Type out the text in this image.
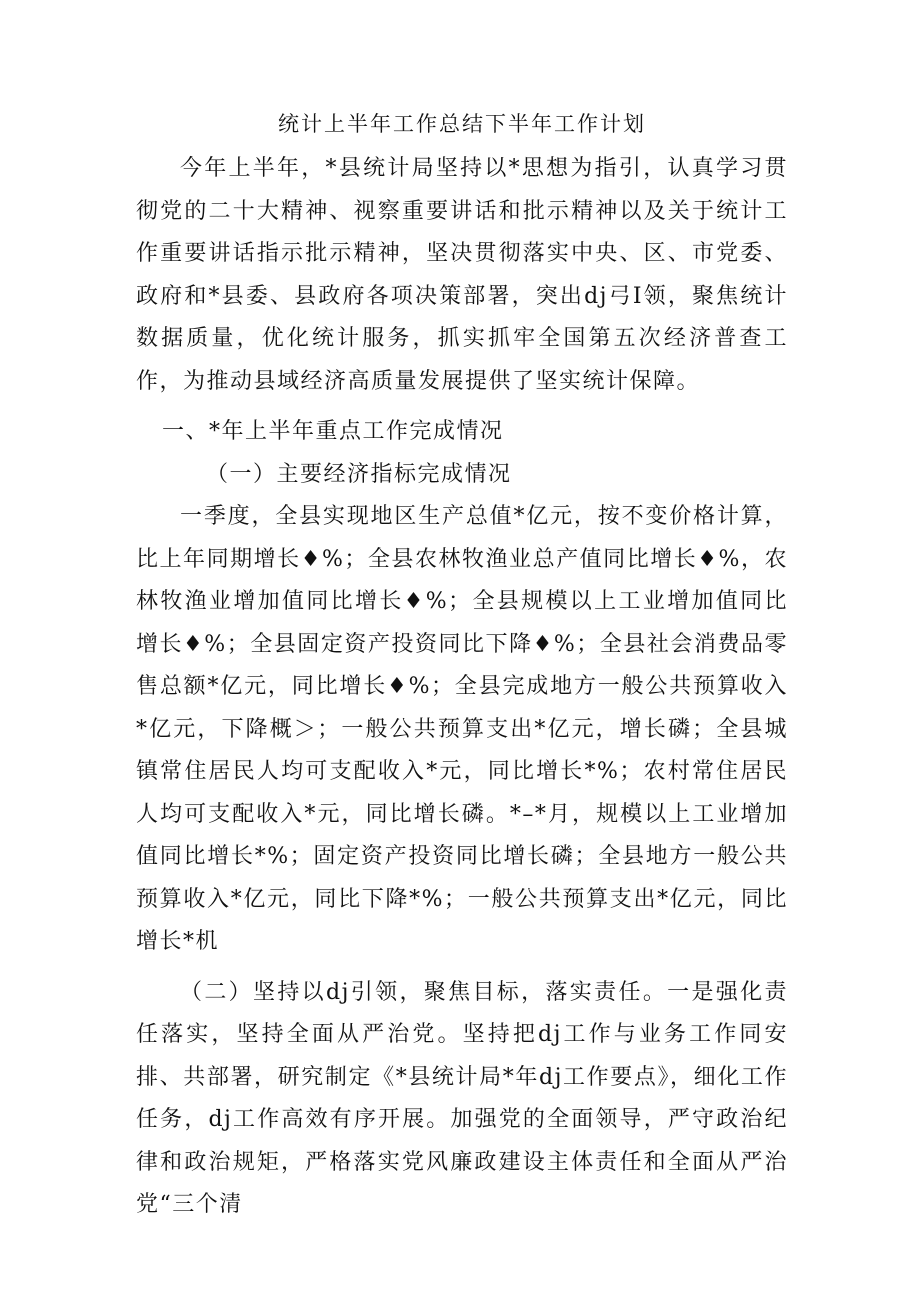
统计上半年工作总结下半年工作计划

今年上半年，*县统计局坚持以*思想为指引，认真学习贯彻党的二十大精神、视察重要讲话和批示精神以及关于统计工作重要讲话指示批示精神，坚决贯彻落实中央、区、市党委、政府和*县委、县政府各项决策部署，突出dj弓I领，聚焦统计数据质量，优化统计服务，抓实抓牢全国第五次经济普查工作，为推动县域经济高质量发展提供了坚实统计保障。

一、*年上半年重点工作完成情况

（一）主要经济指标完成情况

一季度，全县实现地区生产总值*亿元，按不变价格计算，比上年同期增长♦%；全县农林牧渔业总产值同比增长♦%，农林牧渔业增加值同比增长♦%；全县规模以上工业增加值同比增长♦%；全县固定资产投资同比下降♦%；全县社会消费品零售总额*亿元，同比增长♦%；全县完成地方一般公共预算收入*亿元，下降概＞；一般公共预算支出*亿元，增长磷；全县城镇常住居民人均可支配收入*元，同比增长*%；农村常住居民人均可支配收入*元，同比增长磷。*–*月，规模以上工业增加值同比增长*%；固定资产投资同比增长磷；全县地方一般公共预算收入*亿元，同比下降*%；一般公共预算支出*亿元，同比增长*机

（二）坚持以dj引领，聚焦目标，落实责任。一是强化责任落实，坚持全面从严治党。坚持把dj工作与业务工作同安排、共部署，研究制定《*县统计局*年dj工作要点》，细化工作任务，dj工作高效有序开展。加强党的全面领导，严守政治纪律和政治规矩，严格落实党风廉政建设主体责任和全面从严治党“三个清
